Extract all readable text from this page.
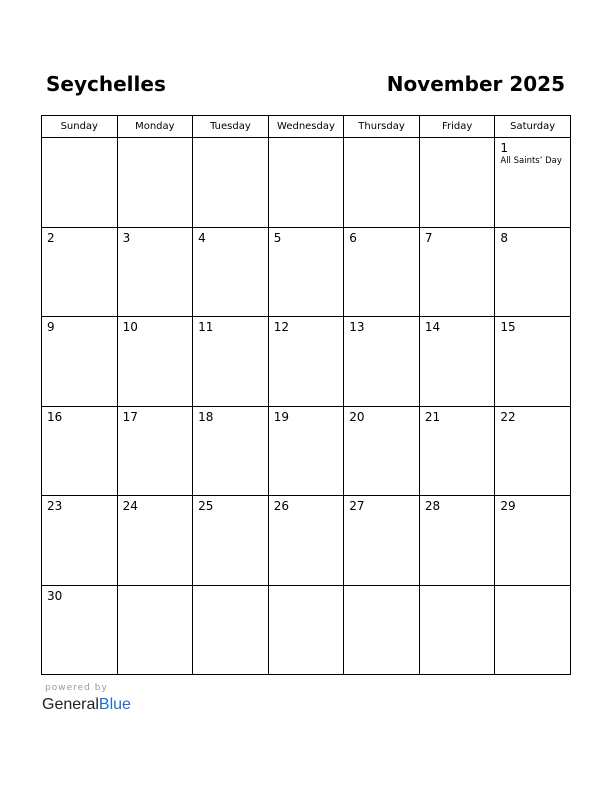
Seychelles	November 2025
Sunday	Monday	Tuesday	Wednesday	Thursday	Friday	Saturday

						1
All Saints’ Day

2	3	4	5	6	7	8

9	10	11	12	13	14	15

16	17	18	19	20	21	22

23	24	25	26	27	28	29

30						

powered by
GeneralBlue
